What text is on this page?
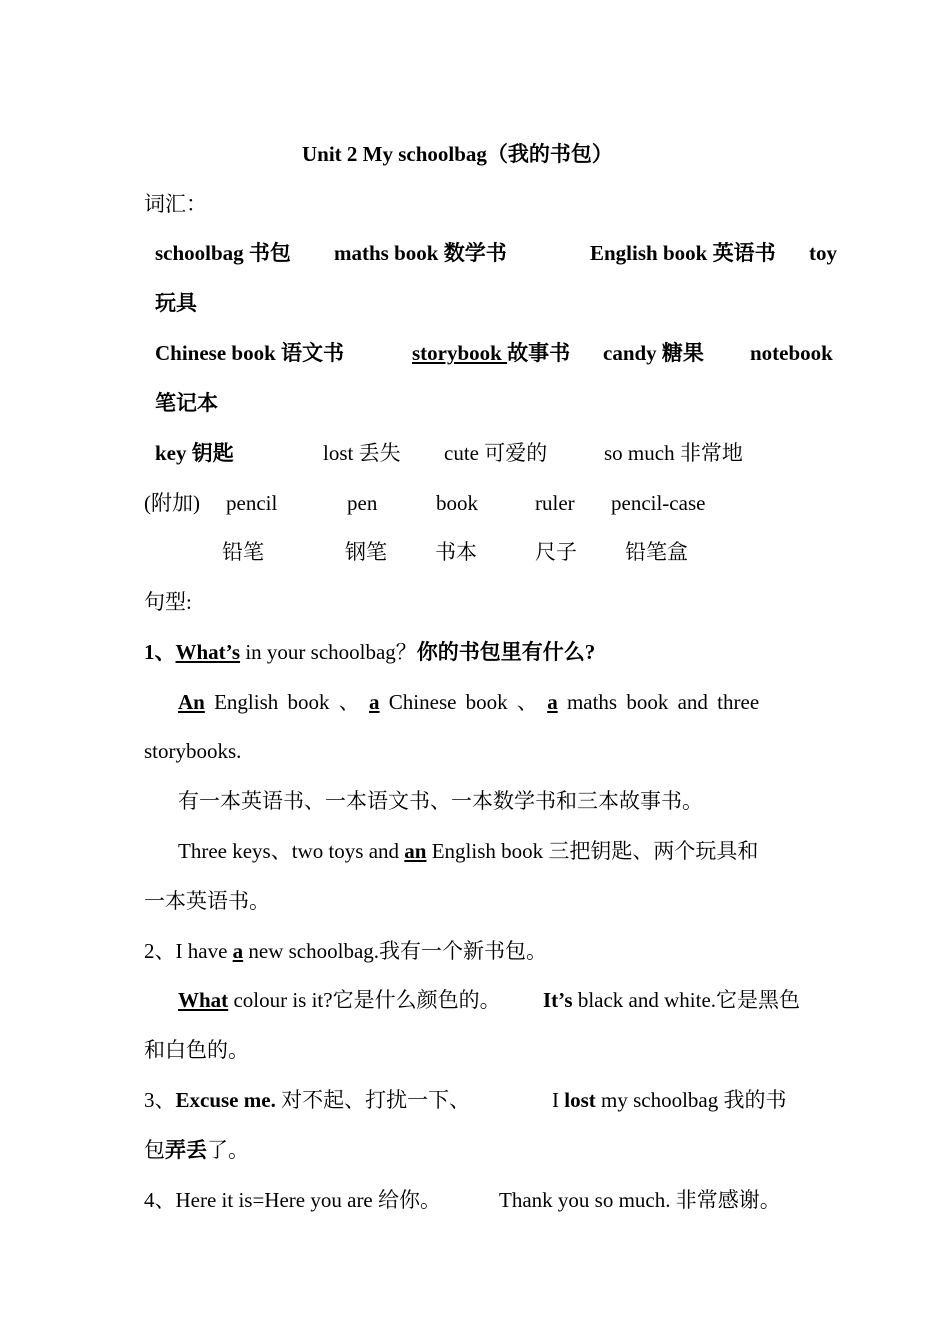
Unit 2 My schoolbag（我的书包）
词汇：
schoolbag 书包 maths book 数学书	English book 英语书 toy
玩具
Chinese book 语文书	storybook 故事书 candy 糖果 notebook
笔记本
key 钥匙	lost 丢失 cute 可爱的	so much 非常地
(附加) pencil	pen	book	ruler pencil-case
铅笔	钢笔 书本	尺子 铅笔盒
句型:
1、What’s in your schoolbag？你的书包里有什么?
An English book 、 a Chinese book 、 a maths book and three
storybooks.
有一本英语书、一本语文书、一本数学书和三本故事书。
Three keys、two toys and an English book 三把钥匙、两个玩具和
一本英语书。
2、I have a new schoolbag.我有一个新书包。
What colour is it?它是什么颜色的。 It’s black and white.它是黑色
和白色的。
3、Excuse me. 对不起、打扰一下、	I lost my schoolbag 我的书
包弄丢了。
4、Here it is=Here you are 给你。	Thank you so much. 非常感谢。
